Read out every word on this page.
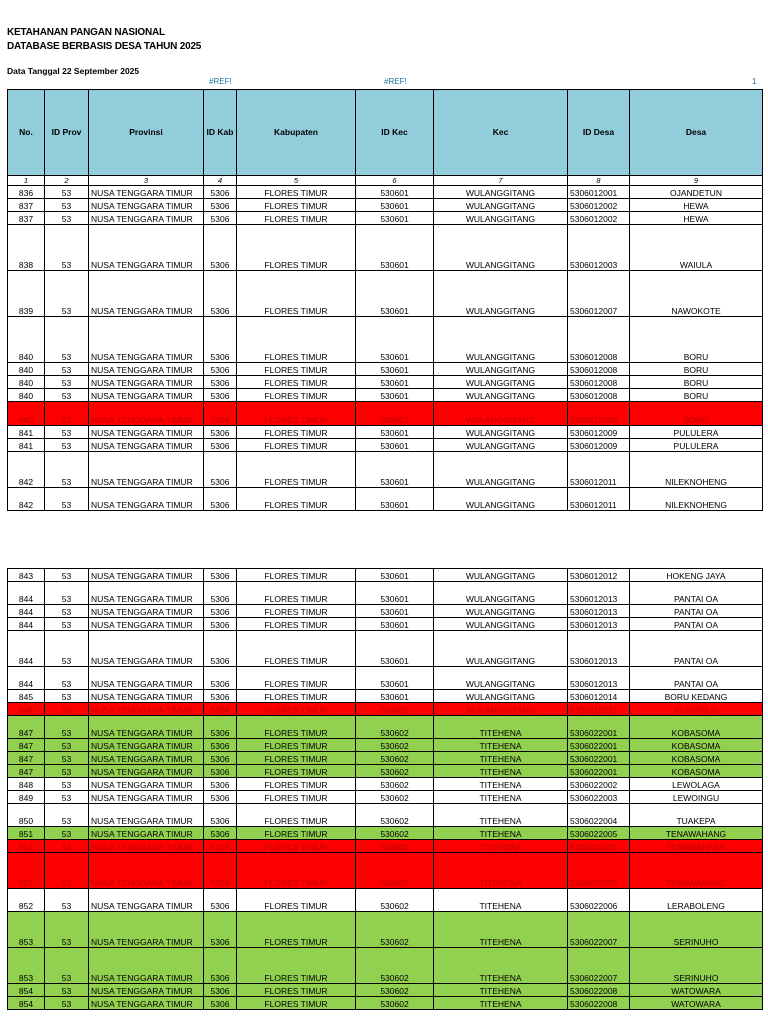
KETAHANAN PANGAN NASIONAL
DATABASE BERBASIS DESA TAHUN 2025
Data Tanggal 22 September 2025
#REF!	#REF!	1
No.	ID Prov	Provinsi	ID Kab	Kabupaten	ID Kec	Kec	ID Desa	Desa
1	2	3	4	5	6	7	8	9
836	53	NUSA TENGGARA TIMUR	5306	FLORES TIMUR	530601	WULANGGITANG	5306012001	OJANDETUN
837	53	NUSA TENGGARA TIMUR	5306	FLORES TIMUR	530601	WULANGGITANG	5306012002	HEWA
837	53	NUSA TENGGARA TIMUR	5306	FLORES TIMUR	530601	WULANGGITANG	5306012002	HEWA
838	53	NUSA TENGGARA TIMUR	5306	FLORES TIMUR	530601	WULANGGITANG	5306012003	WAIULA
839	53	NUSA TENGGARA TIMUR	5306	FLORES TIMUR	530601	WULANGGITANG	5306012007	NAWOKOTE
840	53	NUSA TENGGARA TIMUR	5306	FLORES TIMUR	530601	WULANGGITANG	5306012008	BORU
840	53	NUSA TENGGARA TIMUR	5306	FLORES TIMUR	530601	WULANGGITANG	5306012008	BORU
840	53	NUSA TENGGARA TIMUR	5306	FLORES TIMUR	530601	WULANGGITANG	5306012008	BORU
840	53	NUSA TENGGARA TIMUR	5306	FLORES TIMUR	530601	WULANGGITANG	5306012008	BORU
840	53	NUSA TENGGARA TIMUR	5306	FLORES TIMUR	530601	WULANGGITANG	5306012008	BORU
841	53	NUSA TENGGARA TIMUR	5306	FLORES TIMUR	530601	WULANGGITANG	5306012009	PULULERA
841	53	NUSA TENGGARA TIMUR	5306	FLORES TIMUR	530601	WULANGGITANG	5306012009	PULULERA
842	53	NUSA TENGGARA TIMUR	5306	FLORES TIMUR	530601	WULANGGITANG	5306012011	NILEKNOHENG
842	53	NUSA TENGGARA TIMUR	5306	FLORES TIMUR	530601	WULANGGITANG	5306012011	NILEKNOHENG
843	53	NUSA TENGGARA TIMUR	5306	FLORES TIMUR	530601	WULANGGITANG	5306012012	HOKENG JAYA
844	53	NUSA TENGGARA TIMUR	5306	FLORES TIMUR	530601	WULANGGITANG	5306012013	PANTAI OA
844	53	NUSA TENGGARA TIMUR	5306	FLORES TIMUR	530601	WULANGGITANG	5306012013	PANTAI OA
844	53	NUSA TENGGARA TIMUR	5306	FLORES TIMUR	530601	WULANGGITANG	5306012013	PANTAI OA
844	53	NUSA TENGGARA TIMUR	5306	FLORES TIMUR	530601	WULANGGITANG	5306012013	PANTAI OA
844	53	NUSA TENGGARA TIMUR	5306	FLORES TIMUR	530601	WULANGGITANG	5306012013	PANTAI OA
845	53	NUSA TENGGARA TIMUR	5306	FLORES TIMUR	530601	WULANGGITANG	5306012014	BORU KEDANG
846	53	NUSA TENGGARA TIMUR	5306	FLORES TIMUR	530601	WULANGGITANG	5306012021	KLATANLO
847	53	NUSA TENGGARA TIMUR	5306	FLORES TIMUR	530602	TITEHENA	5306022001	KOBASOMA
847	53	NUSA TENGGARA TIMUR	5306	FLORES TIMUR	530602	TITEHENA	5306022001	KOBASOMA
847	53	NUSA TENGGARA TIMUR	5306	FLORES TIMUR	530602	TITEHENA	5306022001	KOBASOMA
847	53	NUSA TENGGARA TIMUR	5306	FLORES TIMUR	530602	TITEHENA	5306022001	KOBASOMA
848	53	NUSA TENGGARA TIMUR	5306	FLORES TIMUR	530602	TITEHENA	5306022002	LEWOLAGA
849	53	NUSA TENGGARA TIMUR	5306	FLORES TIMUR	530602	TITEHENA	5306022003	LEWOINGU
850	53	NUSA TENGGARA TIMUR	5306	FLORES TIMUR	530602	TITEHENA	5306022004	TUAKEPA
851	53	NUSA TENGGARA TIMUR	5306	FLORES TIMUR	530602	TITEHENA	5306022005	TENAWAHANG
851	53	NUSA TENGGARA TIMUR	5306	FLORES TIMUR	530602	TITEHENA	5306022005	TENAWAHANG
851	53	NUSA TENGGARA TIMUR	5306	FLORES TIMUR	530602	TITEHENA	5306022005	TENAWAHANG
852	53	NUSA TENGGARA TIMUR	5306	FLORES TIMUR	530602	TITEHENA	5306022006	LERABOLENG
853	53	NUSA TENGGARA TIMUR	5306	FLORES TIMUR	530602	TITEHENA	5306022007	SERINUHO
853	53	NUSA TENGGARA TIMUR	5306	FLORES TIMUR	530602	TITEHENA	5306022007	SERINUHO
854	53	NUSA TENGGARA TIMUR	5306	FLORES TIMUR	530602	TITEHENA	5306022008	WATOWARA
854	53	NUSA TENGGARA TIMUR	5306	FLORES TIMUR	530602	TITEHENA	5306022008	WATOWARA
